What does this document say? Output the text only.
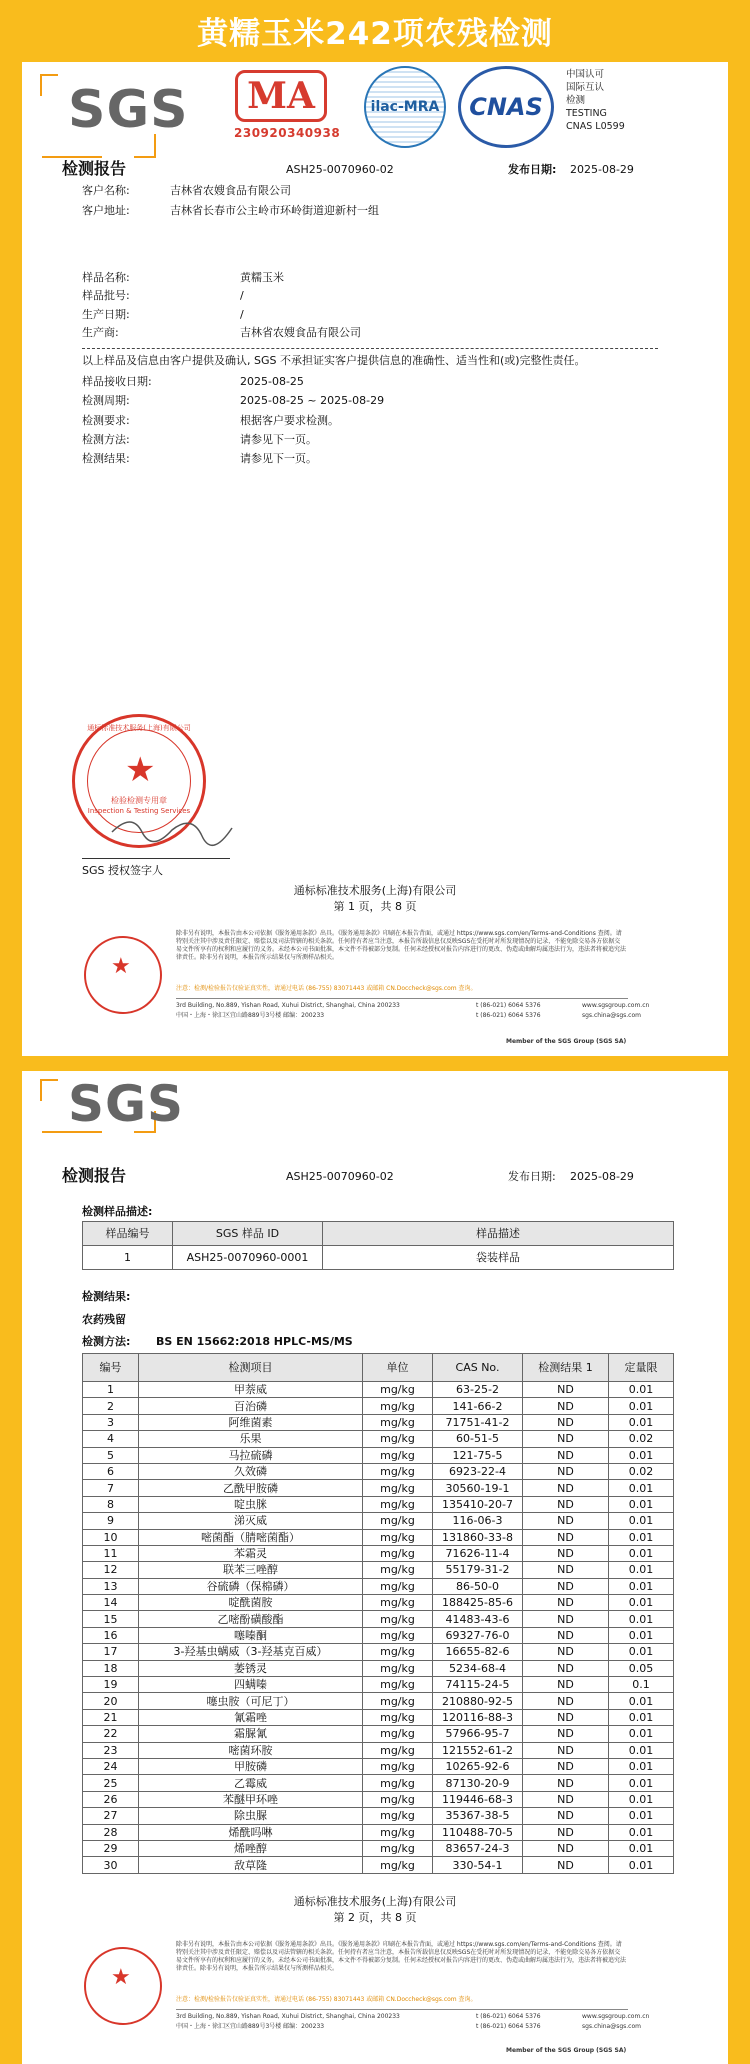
黄糯玉米242项农残检测
SGS	MA
230920340938
ilac-MRA	CNAS
中国认可
国际互认
检测
TESTING
CNAS L0599
检测报告	ASH25-0070960-02	发布日期: 2025-08-29
客户名称:	吉林省农嫂食品有限公司
客户地址:	吉林省长春市公主岭市环岭街道迎新村一组
样品名称:	黄糯玉米
样品批号:	/
生产日期:	/
生产商:	吉林省农嫂食品有限公司
以上样品及信息由客户提供及确认, SGS 不承担证实客户提供信息的准确性、适当性和(或)完整性责任。
样品接收日期:	2025-08-25
检测周期:	2025-08-25 ~ 2025-08-29
检测要求:	根据客户要求检测。
检测方法:	请参见下一页。
检测结果:	请参见下一页。
★
通标标准技术服务(上海)有限公司
检验检测专用章
Inspection & Testing Services
SGS 授权签字人
通标标准技术服务(上海)有限公司
第 1 页，共 8 页
★
除非另有说明，本报告由本公司依据《服务通用条款》出具。《服务通用条款》印刷在本报告背面，或通过 https://www.sgs.com/en/Terms-and-Conditions 查阅。请特别关注其中涉及责任限定、赔偿以及司法管辖的相关条款。任何持有者应当注意，本报告所载信息仅反映SGS在受托时对所发现情况的记录，不能免除交易各方依据交易文件所享有的权利和应履行的义务。未经本公司书面批准，本文件不得被部分复制。任何未经授权对报告内容进行的更改、伪造或曲解均属违法行为，违法者将被追究法律责任。除非另有说明，本报告所示结果仅与所测样品相关。
注意：检测/检验报告仅验证真实性，请通过电话 (86-755) 83071443 或邮箱 CN.Doccheck@sgs.com 查询。
3rd Building, No.889, Yishan Road, Xuhui District, Shanghai, China 200233
中国・上海・徐汇区宜山路889号3号楼 邮编：200233
t (86-021) 6064 5376
t (86-021) 6064 5376
www.sgsgroup.com.cn
sgs.china@sgs.com
Member of the SGS Group (SGS SA)
SGS
检测报告	ASH25-0070960-02	发布日期: 2025-08-29
检测样品描述:
样品编号	SGS 样品 ID	样品描述
1	ASH25-0070960-0001	袋装样品
检测结果:
农药残留
检测方法: BS EN 15662:2018 HPLC-MS/MS
编号	检测项目	单位	CAS No.	检测结果 1	定量限
1	甲萘威	mg/kg	63-25-2	ND	0.01
2	百治磷	mg/kg	141-66-2	ND	0.01
3	阿维菌素	mg/kg	71751-41-2	ND	0.01
4	乐果	mg/kg	60-51-5	ND	0.02
5	马拉硫磷	mg/kg	121-75-5	ND	0.01
6	久效磷	mg/kg	6923-22-4	ND	0.02
7	乙酰甲胺磷	mg/kg	30560-19-1	ND	0.01
8	啶虫脒	mg/kg	135410-20-7	ND	0.01
9	涕灭威	mg/kg	116-06-3	ND	0.01
10	嘧菌酯（腈嘧菌酯）	mg/kg	131860-33-8	ND	0.01
11	苯霜灵	mg/kg	71626-11-4	ND	0.01
12	联苯三唑醇	mg/kg	55179-31-2	ND	0.01
13	谷硫磷（保棉磷）	mg/kg	86-50-0	ND	0.01
14	啶酰菌胺	mg/kg	188425-85-6	ND	0.01
15	乙嘧酚磺酸酯	mg/kg	41483-43-6	ND	0.01
16	噻嗪酮	mg/kg	69327-76-0	ND	0.01
17	3-羟基虫螨威（3-羟基克百威）	mg/kg	16655-82-6	ND	0.01
18	萎锈灵	mg/kg	5234-68-4	ND	0.05
19	四螨嗪	mg/kg	74115-24-5	ND	0.1
20	噻虫胺（可尼丁）	mg/kg	210880-92-5	ND	0.01
21	氰霜唑	mg/kg	120116-88-3	ND	0.01
22	霜脲氰	mg/kg	57966-95-7	ND	0.01
23	嘧菌环胺	mg/kg	121552-61-2	ND	0.01
24	甲胺磷	mg/kg	10265-92-6	ND	0.01
25	乙霉威	mg/kg	87130-20-9	ND	0.01
26	苯醚甲环唑	mg/kg	119446-68-3	ND	0.01
27	除虫脲	mg/kg	35367-38-5	ND	0.01
28	烯酰吗啉	mg/kg	110488-70-5	ND	0.01
29	烯唑醇	mg/kg	83657-24-3	ND	0.01
30	敌草隆	mg/kg	330-54-1	ND	0.01
通标标准技术服务(上海)有限公司
第 2 页，共 8 页
★
除非另有说明，本报告由本公司依据《服务通用条款》出具。《服务通用条款》印刷在本报告背面，或通过 https://www.sgs.com/en/Terms-and-Conditions 查阅。请特别关注其中涉及责任限定、赔偿以及司法管辖的相关条款。任何持有者应当注意，本报告所载信息仅反映SGS在受托时对所发现情况的记录，不能免除交易各方依据交易文件所享有的权利和应履行的义务。未经本公司书面批准，本文件不得被部分复制。任何未经授权对报告内容进行的更改、伪造或曲解均属违法行为，违法者将被追究法律责任。除非另有说明，本报告所示结果仅与所测样品相关。
注意：检测/检验报告仅验证真实性，请通过电话 (86-755) 83071443 或邮箱 CN.Doccheck@sgs.com 查询。
3rd Building, No.889, Yishan Road, Xuhui District, Shanghai, China 200233
中国・上海・徐汇区宜山路889号3号楼 邮编：200233
t (86-021) 6064 5376
t (86-021) 6064 5376
www.sgsgroup.com.cn
sgs.china@sgs.com
Member of the SGS Group (SGS SA)
